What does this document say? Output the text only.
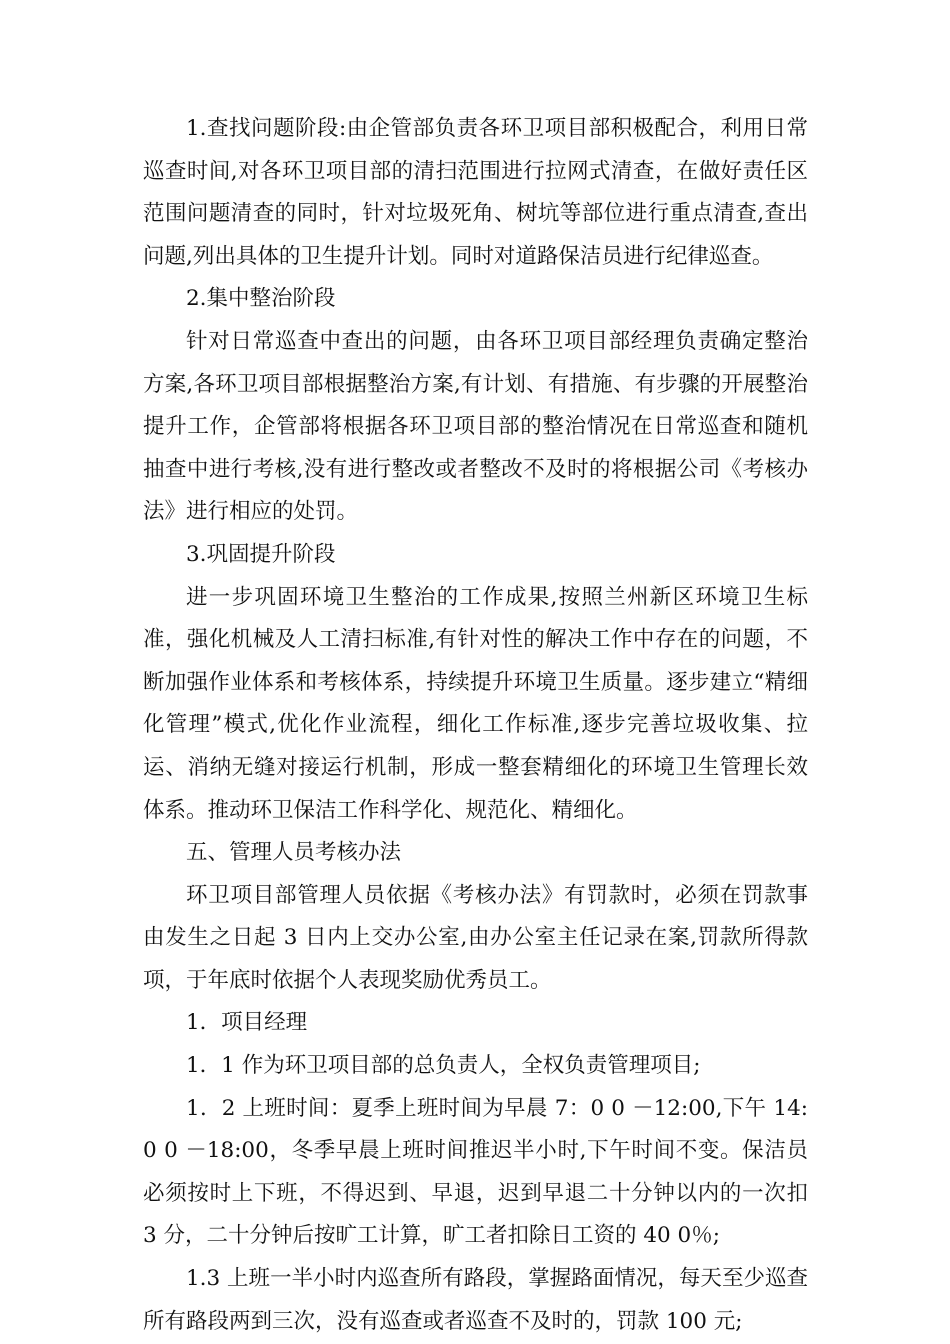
1.查找问题阶段:由企管部负责各环卫项目部积极配合，利用日常巡查时间,对各环卫项目部的清扫范围进行拉网式清查，在做好责任区范围问题清查的同时，针对垃圾死角、树坑等部位进行重点清查,查出问题,列出具体的卫生提升计划。同时对道路保洁员进行纪律巡查。

2.集中整治阶段

针对日常巡查中查出的问题，由各环卫项目部经理负责确定整治方案,各环卫项目部根据整治方案,有计划、有措施、有步骤的开展整治提升工作，企管部将根据各环卫项目部的整治情况在日常巡查和随机抽查中进行考核,没有进行整改或者整改不及时的将根据公司《考核办法》进行相应的处罚。

3.巩固提升阶段

进一步巩固环境卫生整治的工作成果,按照兰州新区环境卫生标准，强化机械及人工清扫标准,有针对性的解决工作中存在的问题，不断加强作业体系和考核体系，持续提升环境卫生质量。逐步建立“精细化管理”模式,优化作业流程，细化工作标准,逐步完善垃圾收集、拉运、消纳无缝对接运行机制，形成一整套精细化的环境卫生管理长效体系。推动环卫保洁工作科学化、规范化、精细化。

五、管理人员考核办法

环卫项目部管理人员依据《考核办法》有罚款时，必须在罚款事由发生之日起 3 日内上交办公室,由办公室主任记录在案,罚款所得款项，于年底时依据个人表现奖励优秀员工。

1．项目经理

1．1 作为环卫项目部的总负责人，全权负责管理项目;

1．2 上班时间：夏季上班时间为早晨 7：0 0 －12:00,下午 14:0 0 －18:00，冬季早晨上班时间推迟半小时,下午时间不变。保洁员必须按时上下班，不得迟到、早退，迟到早退二十分钟以内的一次扣 3 分，二十分钟后按旷工计算，旷工者扣除日工资的 40 0％;

1.3 上班一半小时内巡查所有路段，掌握路面情况，每天至少巡查所有路段两到三次，没有巡查或者巡查不及时的，罚款 100 元;
